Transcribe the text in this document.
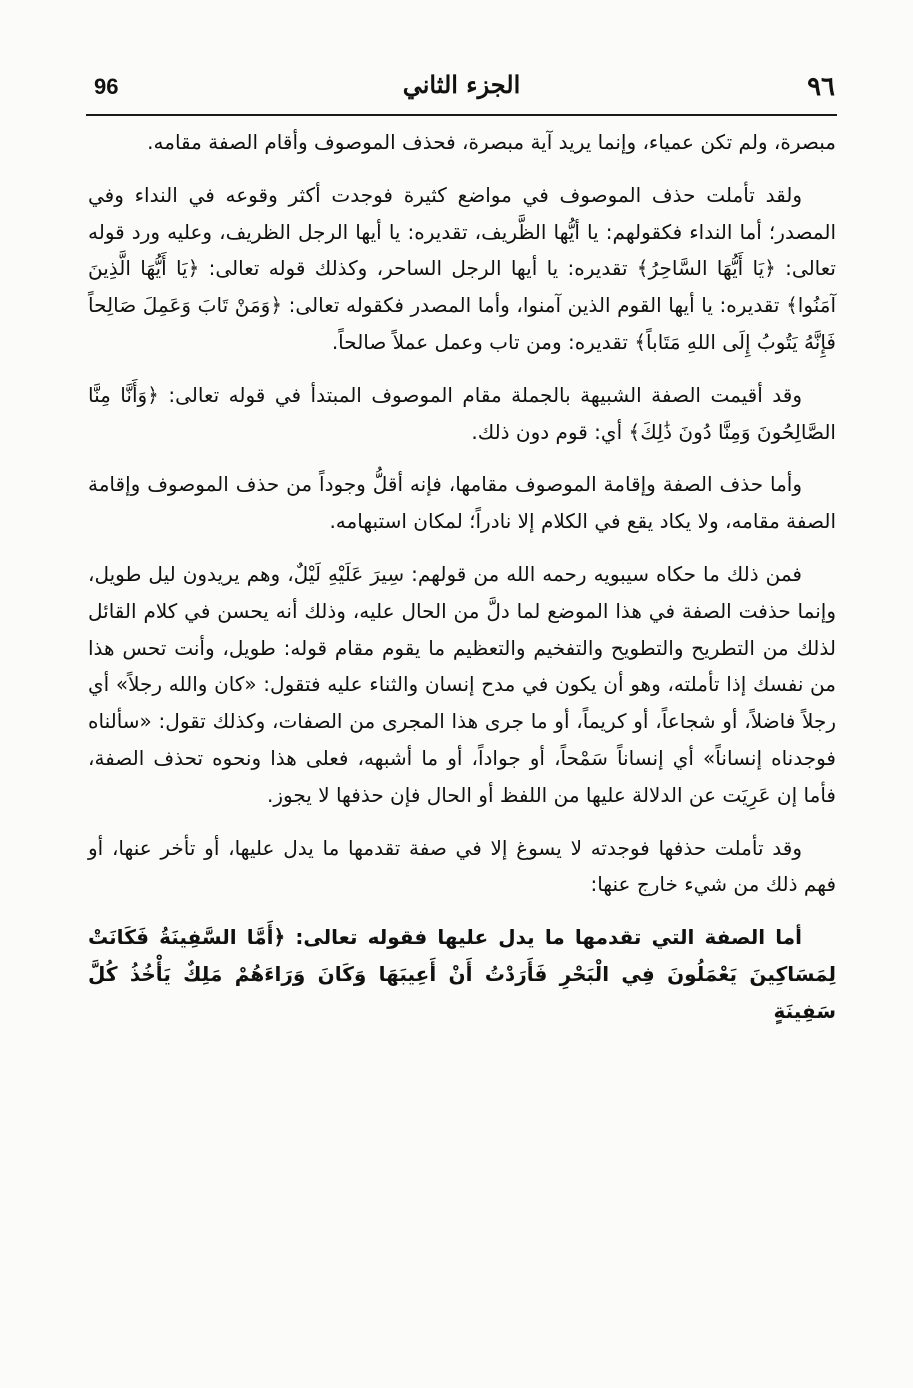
٩٦
الجزء الثاني
96

مبصرة، ولم تكن عمياء، وإنما يريد آية مبصرة، فحذف الموصوف وأقام الصفة مقامه.

ولقد تأملت حذف الموصوف في مواضع كثيرة فوجدت أكثر وقوعه في النداء وفي المصدر؛ أما النداء فكقولهم: يا أيُّها الظَّريف، تقديره: يا أيها الرجل الظريف، وعليه ورد قوله تعالى: ﴿يَا أَيُّهَا السَّاحِرُ﴾ تقديره: يا أيها الرجل الساحر، وكذلك قوله تعالى: ﴿يَا أَيُّهَا الَّذِينَ آمَنُوا﴾ تقديره: يا أيها القوم الذين آمنوا، وأما المصدر فكقوله تعالى: ﴿وَمَنْ تَابَ وَعَمِلَ صَالِحاً فَإِنَّهُ يَتُوبُ إِلَى اللهِ مَتَاباً﴾ تقديره: ومن تاب وعمل عملاً صالحاً.

وقد أقيمت الصفة الشبيهة بالجملة مقام الموصوف المبتدأ في قوله تعالى: ﴿وَأَنَّا مِنَّا الصَّالِحُونَ وَمِنَّا دُونَ ذَٰلِكَ﴾ أي: قوم دون ذلك.

وأما حذف الصفة وإقامة الموصوف مقامها، فإنه أقلُّ وجوداً من حذف الموصوف وإقامة الصفة مقامه، ولا يكاد يقع في الكلام إلا نادراً؛ لمكان استبهامه.

فمن ذلك ما حكاه سيبويه رحمه الله من قولهم: سِيرَ عَلَيْهِ لَيْلٌ، وهم يريدون ليل طويل، وإنما حذفت الصفة في هذا الموضع لما دلَّ من الحال عليه، وذلك أنه يحسن في كلام القائل لذلك من التطريح والتطويح والتفخيم والتعظيم ما يقوم مقام قوله: طويل، وأنت تحس هذا من نفسك إذا تأملته، وهو أن يكون في مدح إنسان والثناء عليه فتقول: «كان والله رجلاً» أي رجلاً فاضلاً، أو شجاعاً، أو كريماً، أو ما جرى هذا المجرى من الصفات، وكذلك تقول: «سألناه فوجدناه إنساناً» أي إنساناً سَمْحاً، أو جواداً، أو ما أشبهه، فعلى هذا ونحوه تحذف الصفة، فأما إن عَرِيَت عن الدلالة عليها من اللفظ أو الحال فإن حذفها لا يجوز.

وقد تأملت حذفها فوجدته لا يسوغ إلا في صفة تقدمها ما يدل عليها، أو تأخر عنها، أو فهم ذلك من شيء خارج عنها:

أما الصفة التي تقدمها ما يدل عليها فقوله تعالى: ﴿أَمَّا السَّفِينَةُ فَكَانَتْ لِمَسَاكِينَ يَعْمَلُونَ فِي الْبَحْرِ فَأَرَدْتُ أَنْ أَعِيبَهَا وَكَانَ وَرَاءَهُمْ مَلِكٌ يَأْخُذُ كُلَّ سَفِينَةٍ
